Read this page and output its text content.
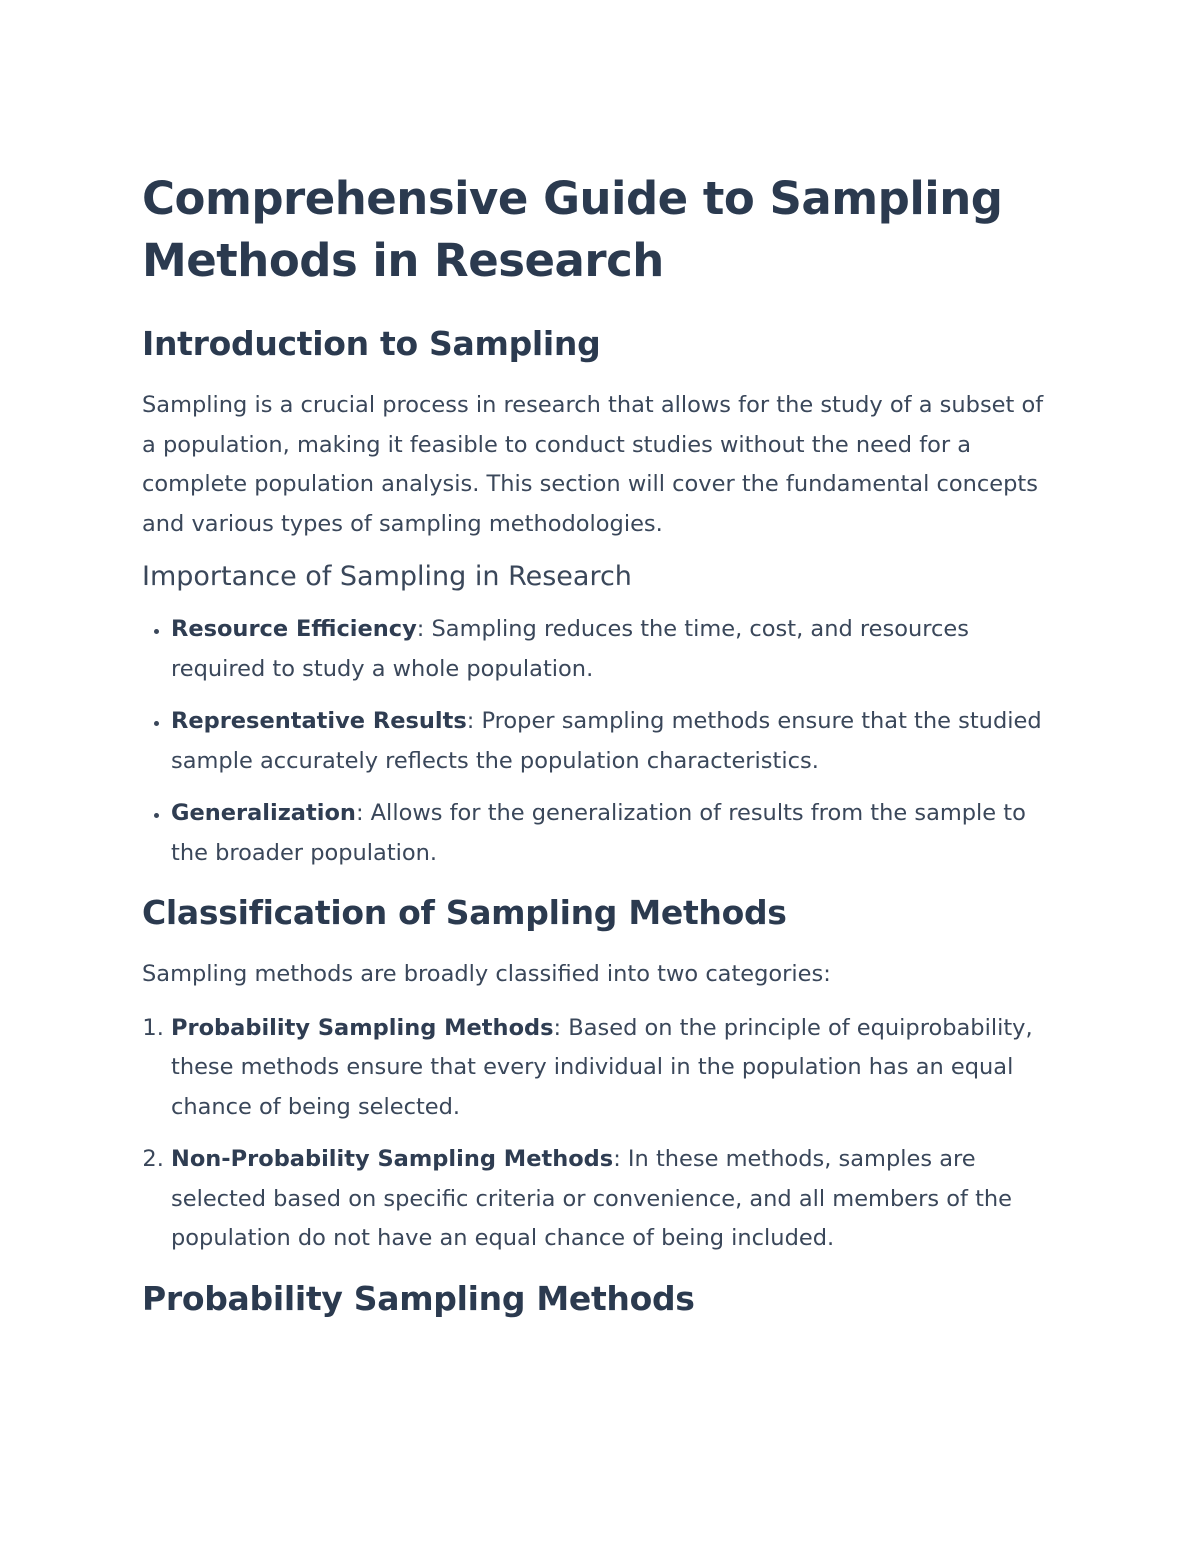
Comprehensive Guide to Sampling Methods in Research
Introduction to Sampling

Sampling is a crucial process in research that allows for the study of a subset of a population, making it feasible to conduct studies without the need for a complete population analysis. This section will cover the fundamental concepts and various types of sampling methodologies.

Importance of Sampling in Research
• Resource Efficiency: Sampling reduces the time, cost, and resources required to study a whole population.
• Representative Results: Proper sampling methods ensure that the studied sample accurately reflects the population characteristics.
• Generalization: Allows for the generalization of results from the sample to the broader population.
Classification of Sampling Methods

Sampling methods are broadly classified into two categories:

1. Probability Sampling Methods: Based on the principle of equiprobability, these methods ensure that every individual in the population has an equal chance of being selected.
2. Non-Probability Sampling Methods: In these methods, samples are selected based on specific criteria or convenience, and all members of the population do not have an equal chance of being included.
Probability Sampling Methods
